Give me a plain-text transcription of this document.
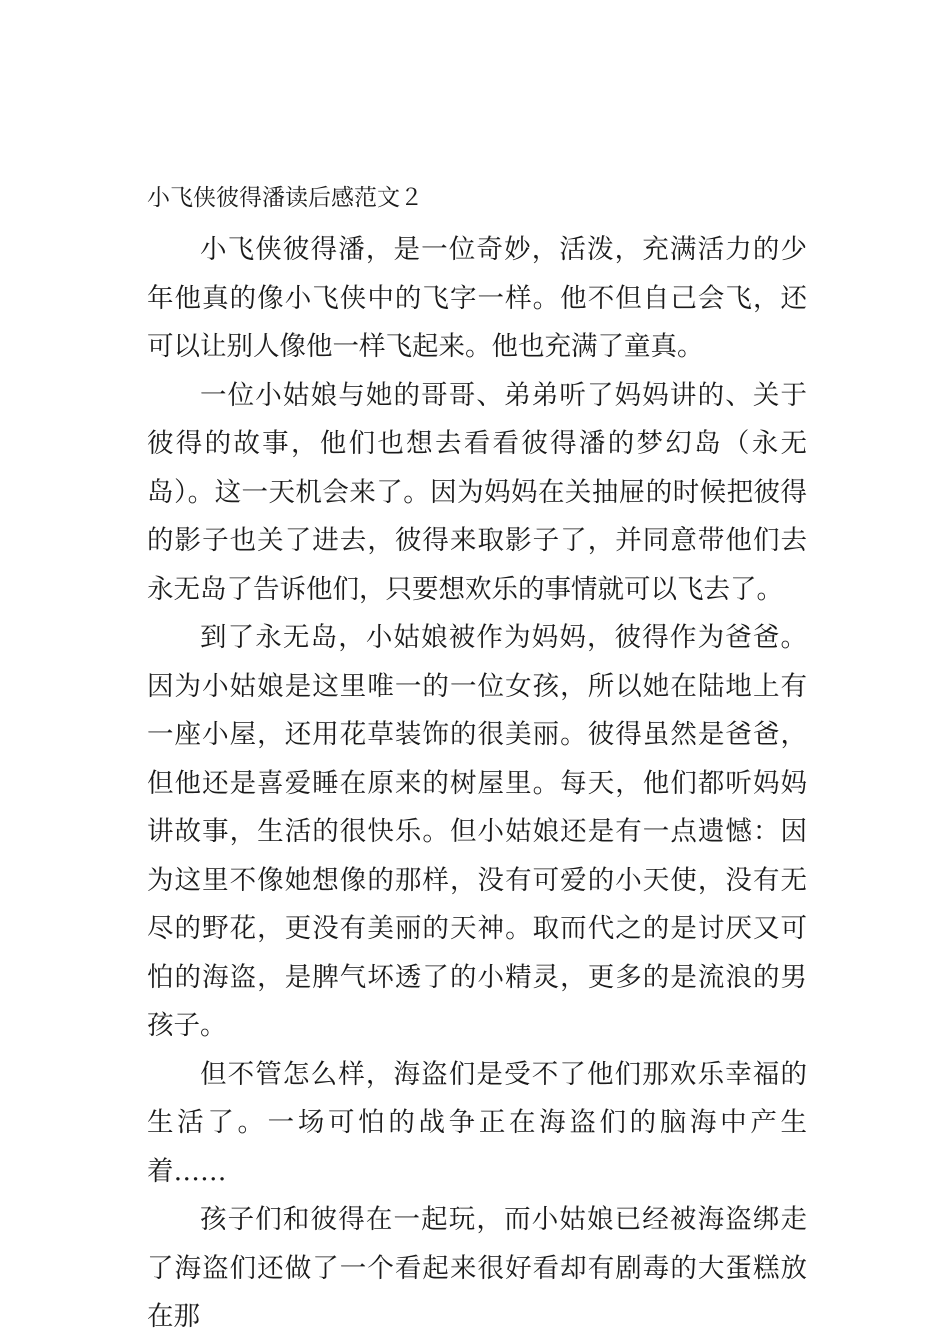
小飞侠彼得潘读后感范文２

小飞侠彼得潘，是一位奇妙，活泼，充满活力的少年他真的像小飞侠中的飞字一样。他不但自己会飞，还可以让别人像他一样飞起来。他也充满了童真。

一位小姑娘与她的哥哥、弟弟听了妈妈讲的、关于彼得的故事，他们也想去看看彼得潘的梦幻岛（永无岛）。这一天机会来了。因为妈妈在关抽屉的时候把彼得的影子也关了进去，彼得来取影子了，并同意带他们去永无岛了告诉他们，只要想欢乐的事情就可以飞去了。

到了永无岛，小姑娘被作为妈妈，彼得作为爸爸。因为小姑娘是这里唯一的一位女孩，所以她在陆地上有一座小屋，还用花草装饰的很美丽。彼得虽然是爸爸，但他还是喜爱睡在原来的树屋里。每天，他们都听妈妈讲故事，生活的很快乐。但小姑娘还是有一点遗憾：因为这里不像她想像的那样，没有可爱的小天使，没有无尽的野花，更没有美丽的天神。取而代之的是讨厌又可怕的海盗，是脾气坏透了的小精灵，更多的是流浪的男孩子。

但不管怎么样，海盗们是受不了他们那欢乐幸福的生活了。一场可怕的战争正在海盗们的脑海中产生着……

孩子们和彼得在一起玩，而小姑娘已经被海盗绑走了海盗们还做了一个看起来很好看却有剧毒的大蛋糕放在那
